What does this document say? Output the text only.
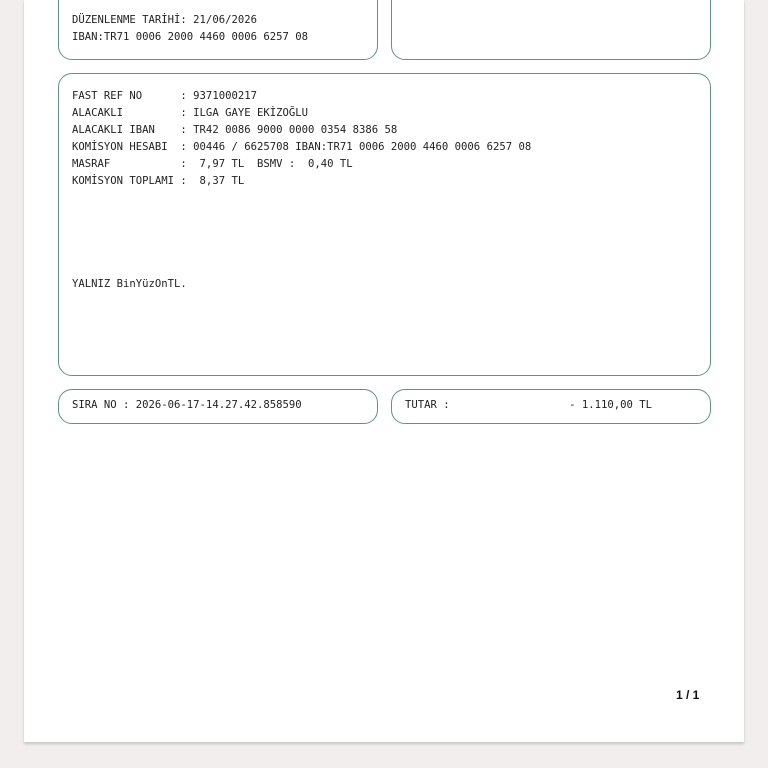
DÜZENLENME TARİHİ: 21/06/2026
IBAN:TR71 0006 2000 4460 0006 6257 08
FAST REF NO      : 9371000217
ALACAKLI         : ILGA GAYE EKİZOĞLU
ALACAKLI IBAN    : TR42 0086 9000 0000 0354 8386 58
KOMİSYON HESABI  : 00446 / 6625708 IBAN:TR71 0006 2000 4460 0006 6257 08
MASRAF           :  7,97 TL  BSMV :  0,40 TL
KOMİSYON TOPLAMI :  8,37 TL
YALNIZ BinYüzOnTL.
SIRA NO : 2026-06-17-14.27.42.858590	TUTAR :	- 1.110,00 TL
1 / 1
